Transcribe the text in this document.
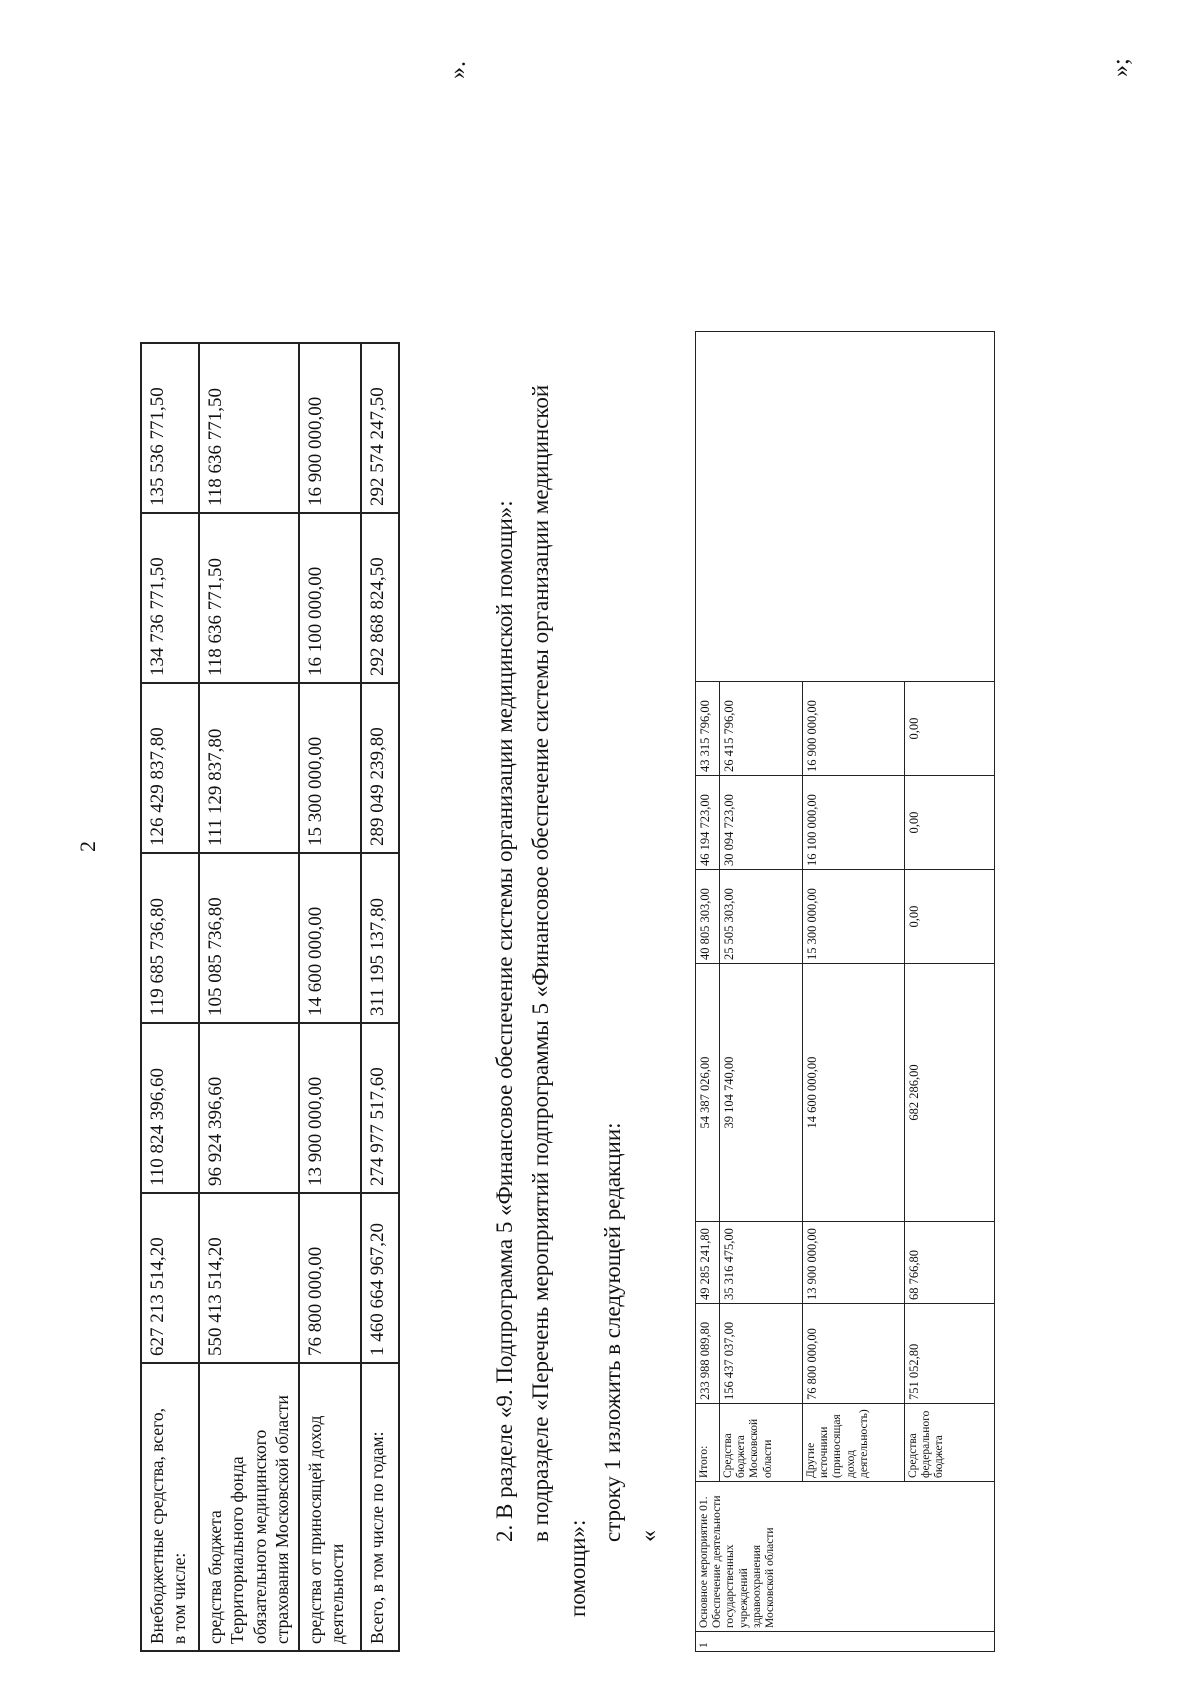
2
Внебюджетные средства, всего, в том числе:	627 213 514,20	110 824 396,60	119 685 736,80	126 429 837,80	134 736 771,50	135 536 771,50
средства бюджета Территориального фонда обязательного медицинского страхования Московской области	550 413 514,20	96 924 396,60	105 085 736,80	111 129 837,80	118 636 771,50	118 636 771,50
средства от приносящей доход деятельности	76 800 000,00	13 900 000,00	14 600 000,00	15 300 000,00	16 100 000,00	16 900 000,00
Всего, в том числе по годам:	1 460 664 967,20	274 977 517,60	311 195 137,80	289 049 239,80	292 868 824,50	292 574 247,50
».
2. В разделе «9. Подпрограмма 5 «Финансовое обеспечение системы организации медицинской помощи»: в подразделе «Перечень мероприятий подпрограммы 5 «Финансовое обеспечение системы организации медицинской
помощи»:
строку 1 изложить в следующей редакции: «
1	Основное мероприятие 01. Обеспечение деятельности государственных учреждений здравоохранения Московской области	Итого:	233 988 089,80	49 285 241,80	54 387 026,00	40 805 303,00	46 194 723,00	43 315 796,00	
		Средства бюджета Московской области	156 437 037,00	35 316 475,00	39 104 740,00	25 505 303,00	30 094 723,00	26 415 796,00	
		Другие источники (приносящая доход деятельность)	76 800 000,00	13 900 000,00	14 600 000,00	15 300 000,00	16 100 000,00	16 900 000,00	
		Средства федерального бюджета	751 052,80	68 766,80	682 286,00	0,00	0,00	0,00	
»;
